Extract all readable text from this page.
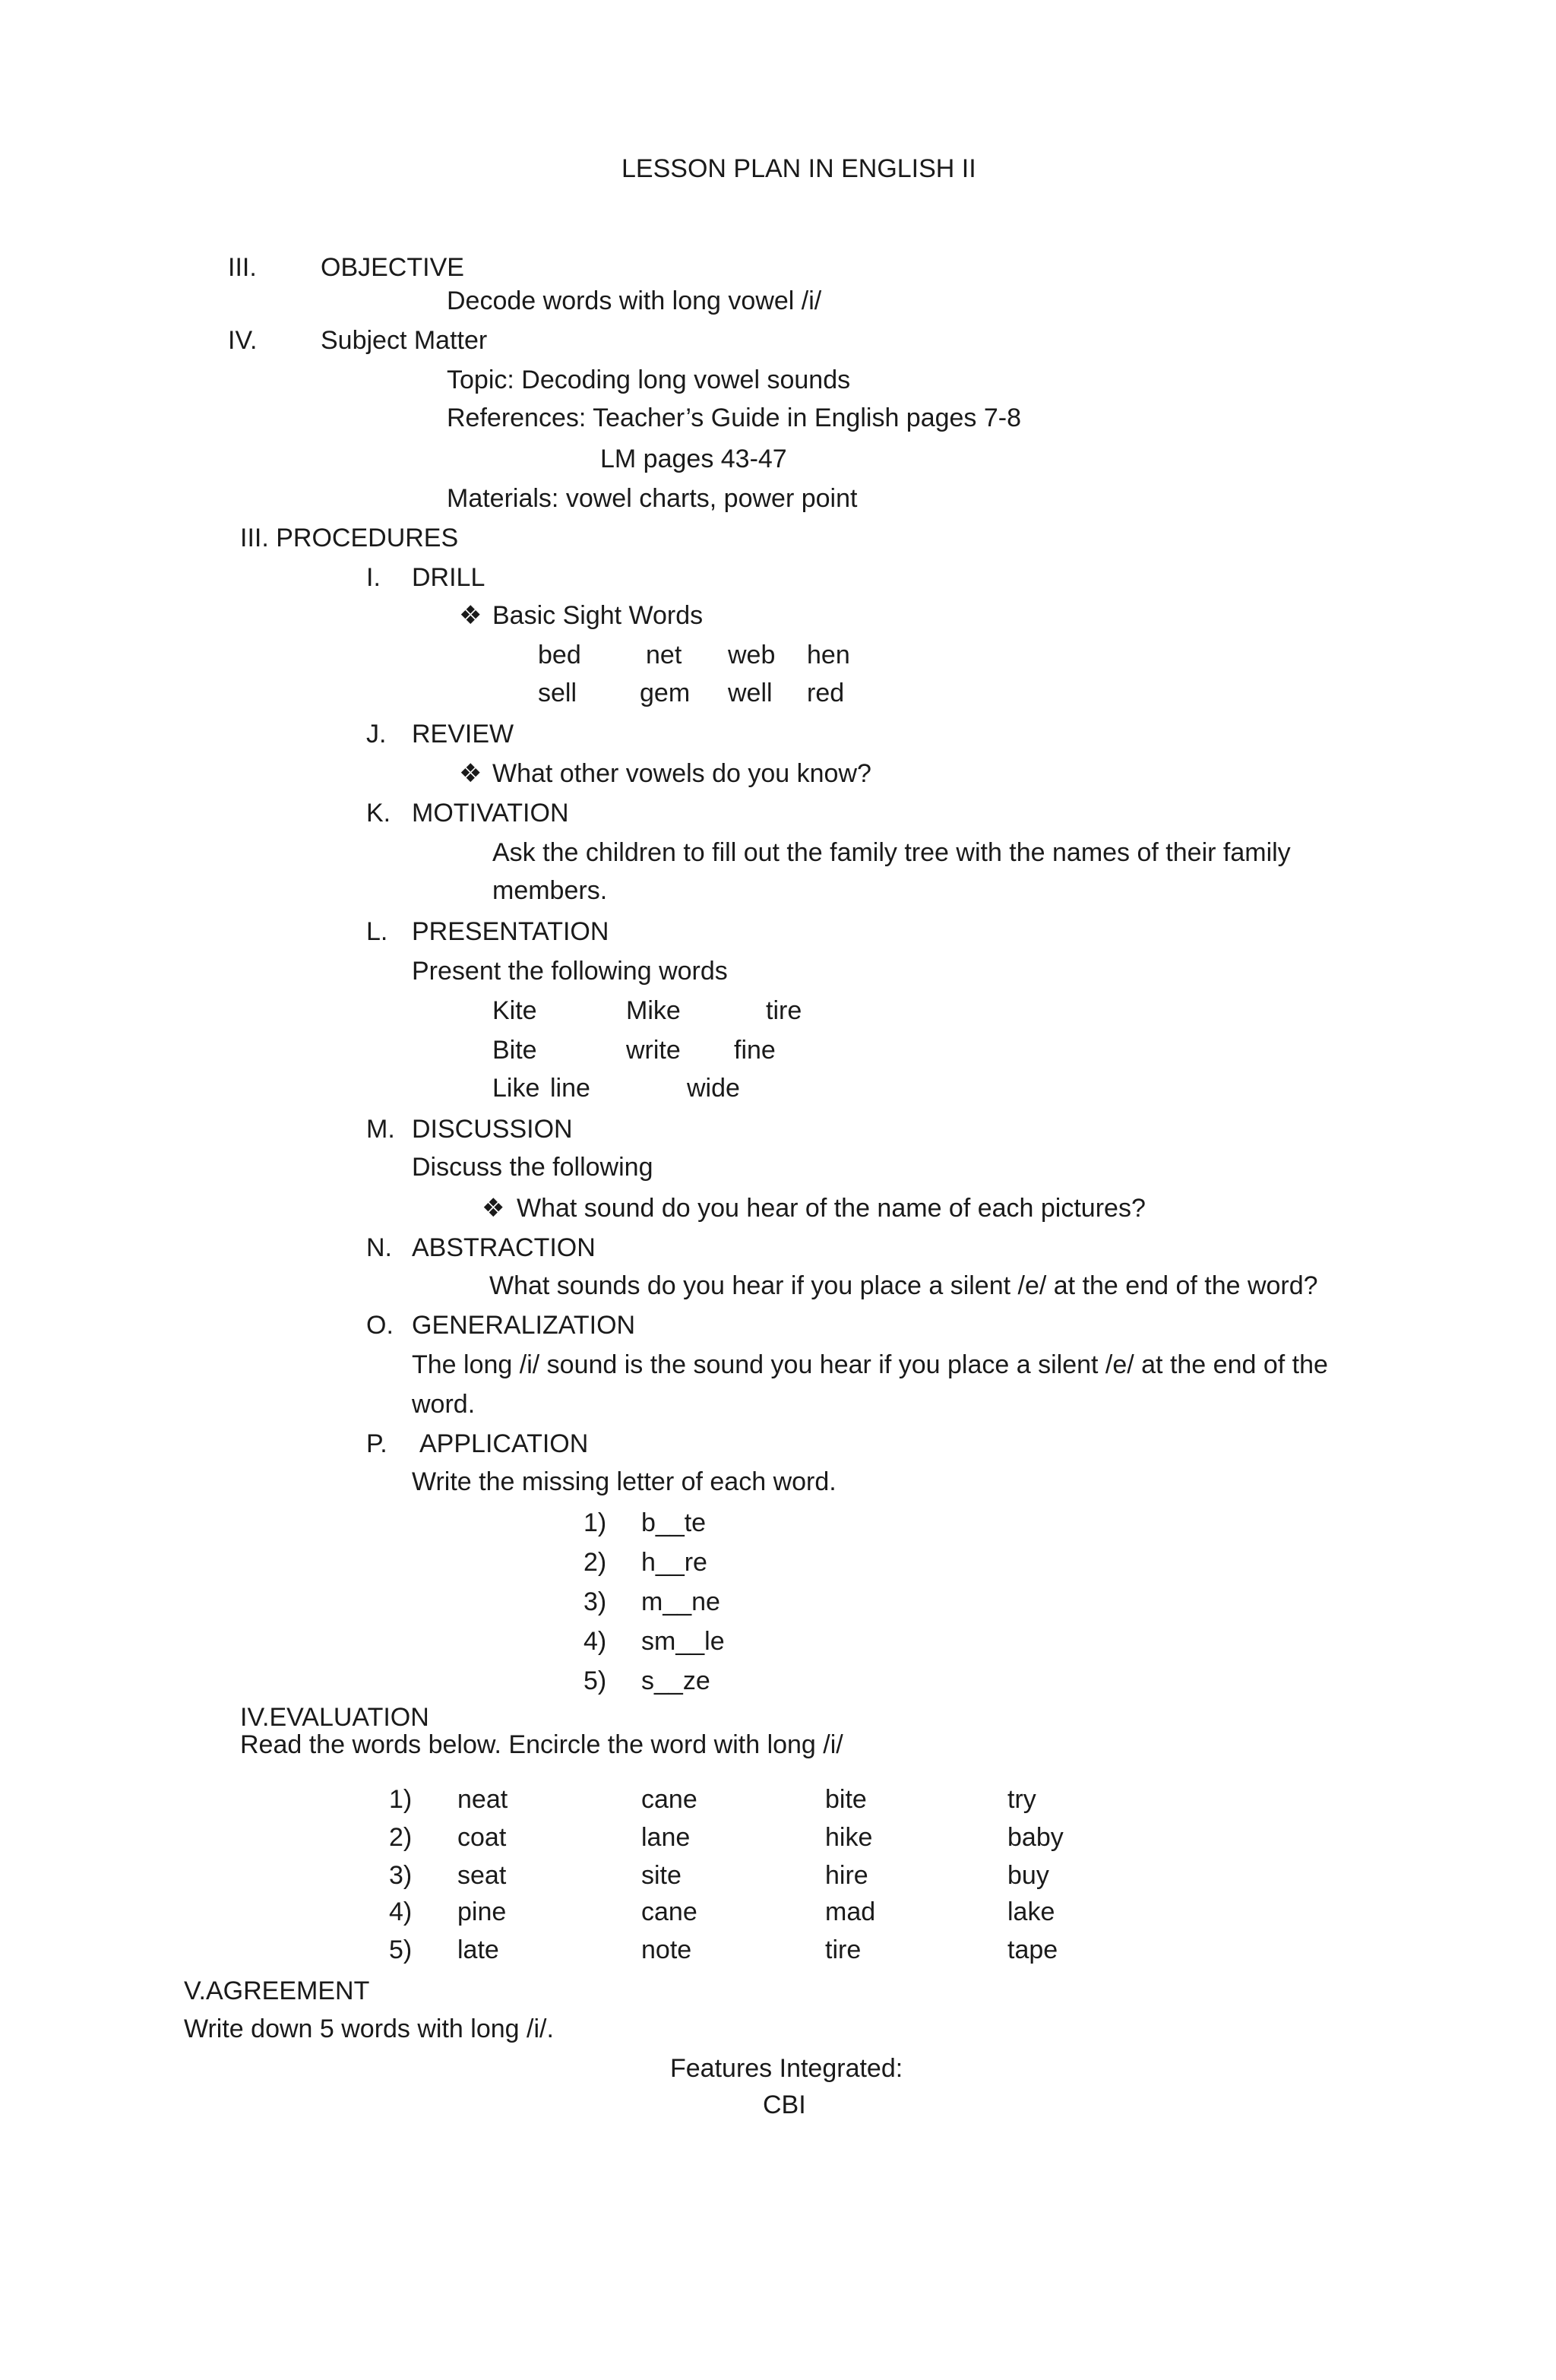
LESSON PLAN IN ENGLISH II
III. OBJECTIVE
Decode words with long vowel /i/
IV. Subject Matter
Topic: Decoding long vowel sounds
References: Teacher’s Guide in English pages 7-8
LM pages 43-47
Materials: vowel charts, power point
III. PROCEDURES
I. DRILL
❖ Basic Sight Words
bed	net web hen
sell gem well red
J. REVIEW
❖ What other vowels do you know?
K. MOTIVATION
Ask the children to fill out the family tree with the names of their family
members.
L. PRESENTATION
Present the following words
Kite	Mike	tire
Bite	write fine
Like line	wide
M. DISCUSSION
Discuss the following
❖ What sound do you hear of the name of each pictures?
N. ABSTRACTION
What sounds do you hear if you place a silent /e/ at the end of the word?
O. GENERALIZATION
The long /i/ sound is the sound you hear if you place a silent /e/ at the end of the
word.
P. APPLICATION
Write the missing letter of each word.
1) b__te
2) h__re
3) m__ne
4) sm__le
5) s__ze
IV.EVALUATION
Read the words below. Encircle the word with long /i/
1) neat	cane	bite	try
2) coat	lane	hike	baby
3) seat	site	hire	buy
4) pine	cane	mad	lake
5) late	note	tire	tape
V.AGREEMENT
Write down 5 words with long /i/.
Features Integrated:
CBI
